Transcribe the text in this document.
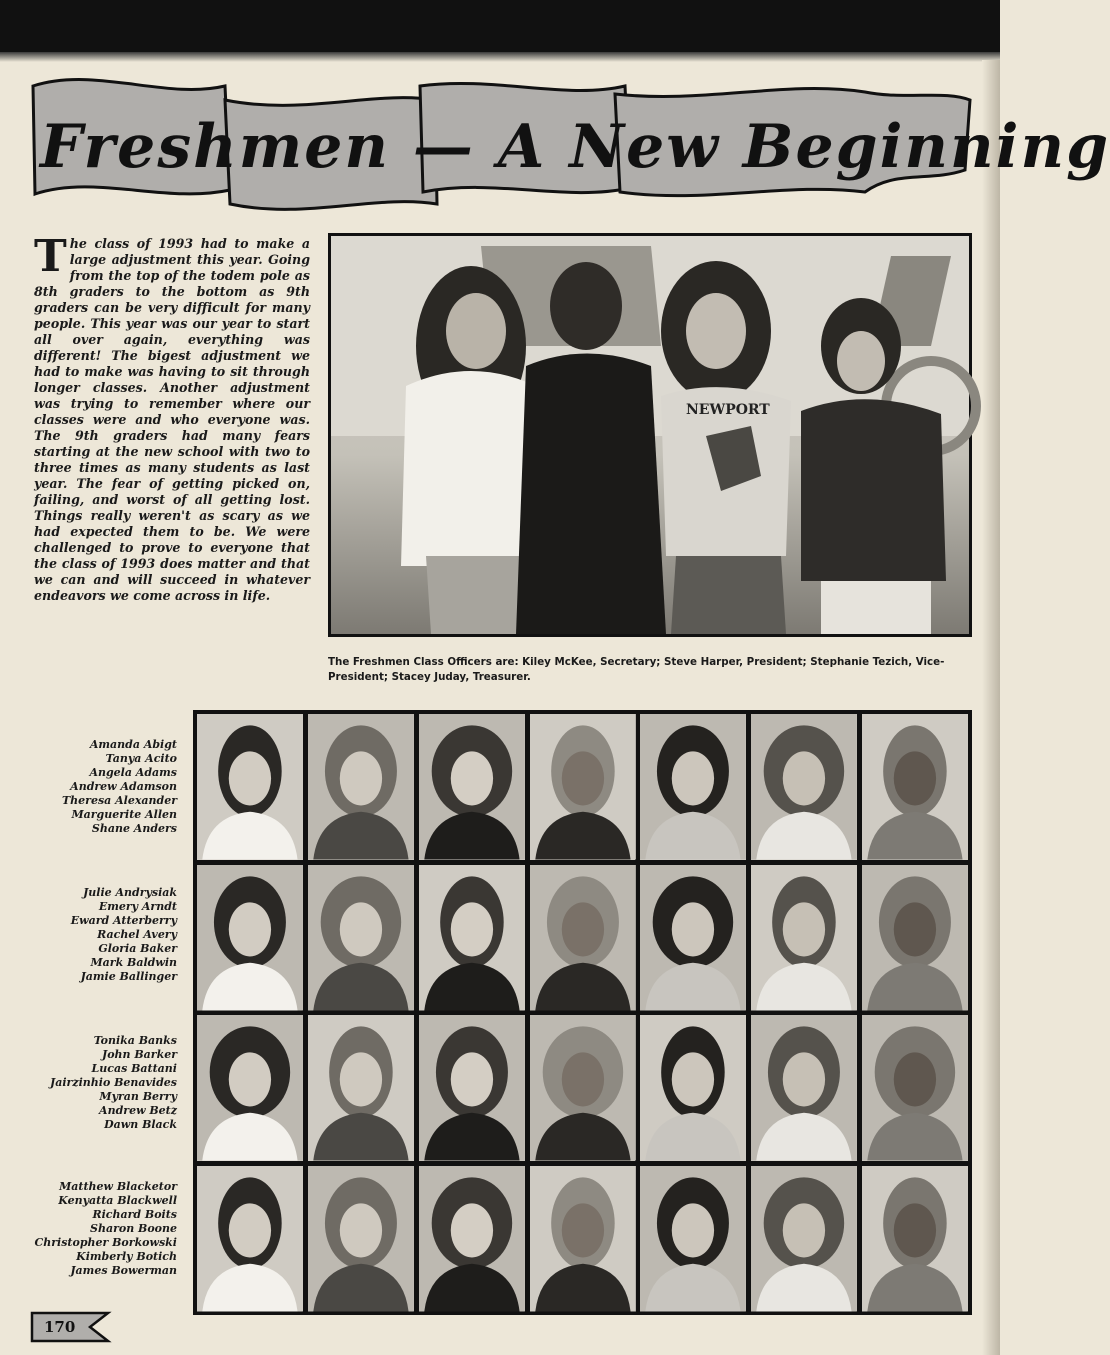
Freshmen — A New Beginning

The class of 1993 had to make a large adjustment this year. Going from the top of the todem pole as 8th graders to the bottom as 9th graders can be very difficult for many people. This year was our year to start all over again, everything was different! The bigest adjustment we had to make was having to sit through longer classes. Another adjustment was trying to remember where our classes were and who everyone was. The 9th graders had many fears starting at the new school with two to three times as many students as last year. The fear of getting picked on, failing, and worst of all getting lost. Things really weren't as scary as we had expected them to be. We were challenged to prove to everyone that the class of 1993 does matter and that we can and will succeed in whatever endeavors we come across in life.

NEWPORT

The Freshmen Class Officers are: Kiley McKee, Secretary; Steve Harper, President; Stephanie Tezich, Vice-President; Stacey Juday, Treasurer.

Amanda Abigt
Tanya Acito
Angela Adams
Andrew Adamson
Theresa Alexander
Marguerite Allen
Shane Anders
Julie Andrysiak
Emery Arndt
Eward Atterberry
Rachel Avery
Gloria Baker
Mark Baldwin
Jamie Ballinger
Tonika Banks
John Barker
Lucas Battani
Jairzinhio Benavides
Myran Berry
Andrew Betz
Dawn Black
Matthew Blacketor
Kenyatta Blackwell
Richard Boits
Sharon Boone
Christopher Borkowski
Kimberly Botich
James Bowerman
170
